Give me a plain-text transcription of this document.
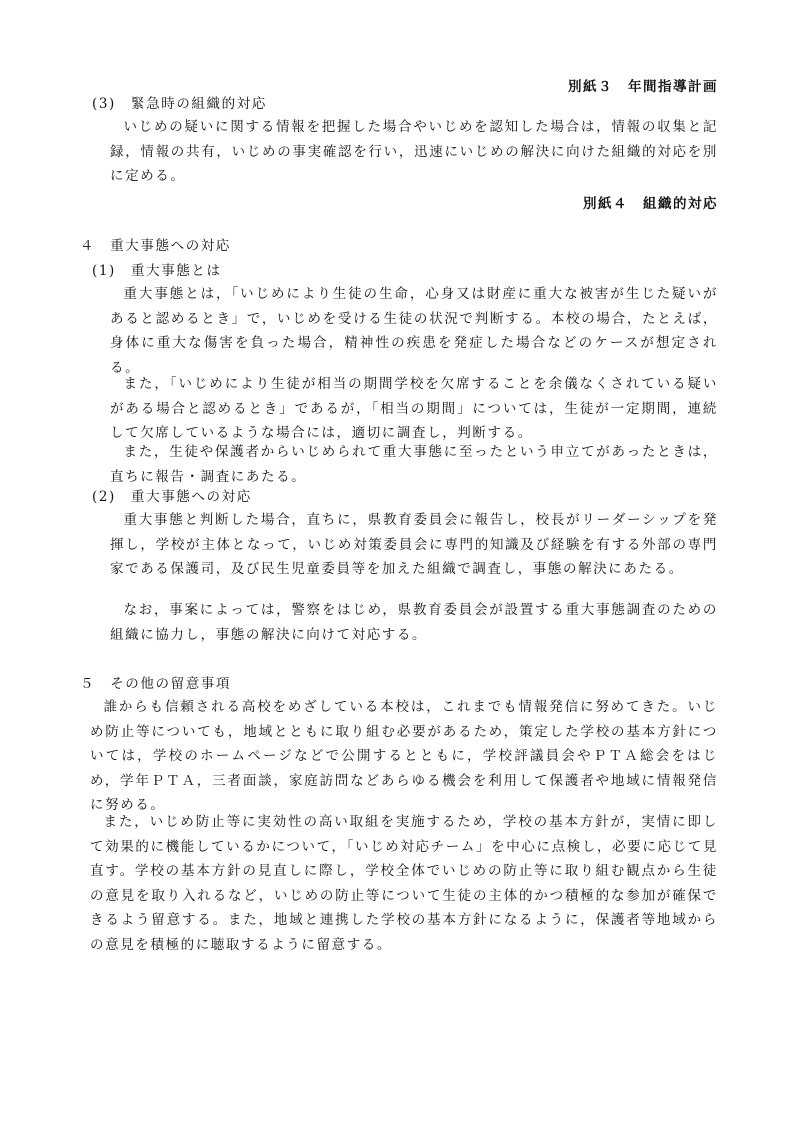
別紙３　年間指導計画
(3)　緊急時の組織的対応
いじめの疑いに関する情報を把握した場合やいじめを認知した場合は，情報の収集と記録，情報の共有，いじめの事実確認を行い，迅速にいじめの解決に向けた組織的対応を別に定める。
別紙４　組織的対応
４　重大事態への対応
(1)　重大事態とは
重大事態とは，「いじめにより生徒の生命，心身又は財産に重大な被害が生じた疑いがあると認めるとき」で，いじめを受ける生徒の状況で判断する。本校の場合，たとえば，身体に重大な傷害を負った場合，精神性の疾患を発症した場合などのケースが想定される。
また，「いじめにより生徒が相当の期間学校を欠席することを余儀なくされている疑いがある場合と認めるとき」であるが，「相当の期間」については，生徒が一定期間，連続して欠席しているような場合には，適切に調査し，判断する。
また，生徒や保護者からいじめられて重大事態に至ったという申立てがあったときは，直ちに報告・調査にあたる。
(2)　重大事態への対応
重大事態と判断した場合，直ちに，県教育委員会に報告し，校長がリーダーシップを発揮し，学校が主体となって，いじめ対策委員会に専門的知識及び経験を有する外部の専門家である保護司，及び民生児童委員等を加えた組織で調査し，事態の解決にあたる。
なお，事案によっては，警察をはじめ，県教育委員会が設置する重大事態調査のための組織に協力し，事態の解決に向けて対応する。
５　その他の留意事項
誰からも信頼される高校をめざしている本校は，これまでも情報発信に努めてきた。いじめ防止等についても，地域とともに取り組む必要があるため，策定した学校の基本方針については，学校のホームページなどで公開するとともに，学校評議員会やＰＴＡ総会をはじめ，学年ＰＴＡ，三者面談，家庭訪問などあらゆる機会を利用して保護者や地域に情報発信に努める。
また，いじめ防止等に実効性の高い取組を実施するため，学校の基本方針が，実情に即して効果的に機能しているかについて，「いじめ対応チーム」を中心に点検し，必要に応じて見直す。学校の基本方針の見直しに際し，学校全体でいじめの防止等に取り組む観点から生徒の意見を取り入れるなど，いじめの防止等について生徒の主体的かつ積極的な参加が確保できるよう留意する。また，地域と連携した学校の基本方針になるように，保護者等地域からの意見を積極的に聴取するように留意する。
